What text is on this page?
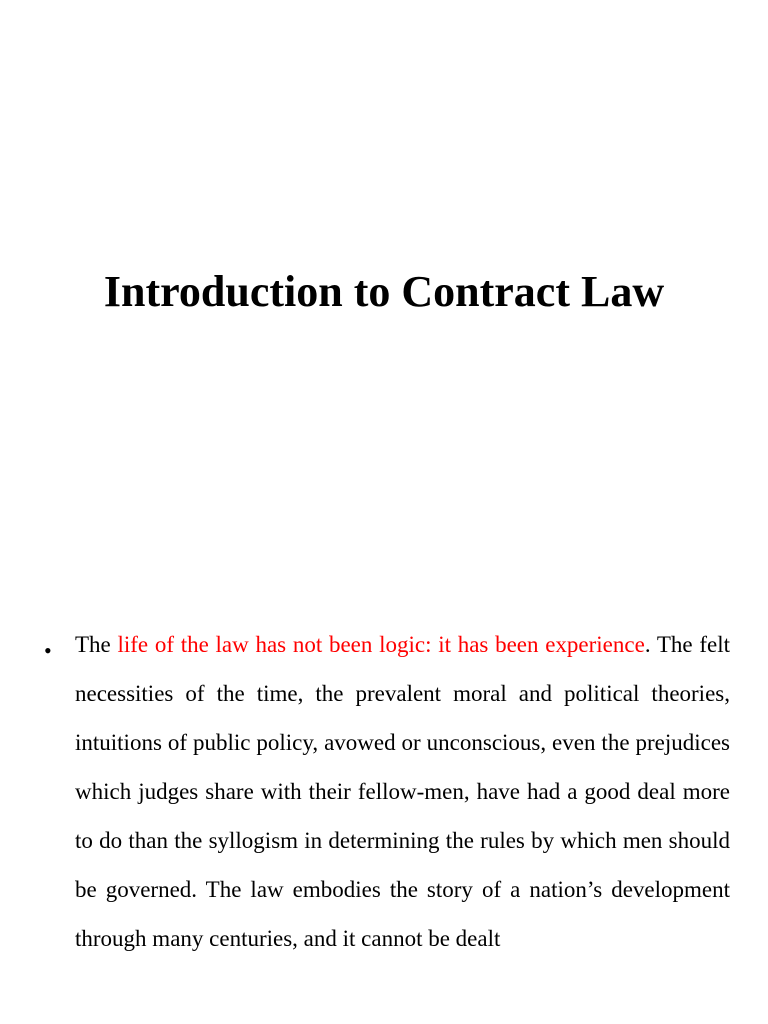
Introduction to Contract Law
• The life of the law has not been logic: it has been experience. The felt necessities of the time, the prevalent moral and political theories, intuitions of public policy, avowed or unconscious, even the prejudices which judges share with their fellow-men, have had a good deal more to do than the syllogism in determining the rules by which men should be governed. The law embodies the story of a nation’s development through many centuries, and it cannot be dealt
